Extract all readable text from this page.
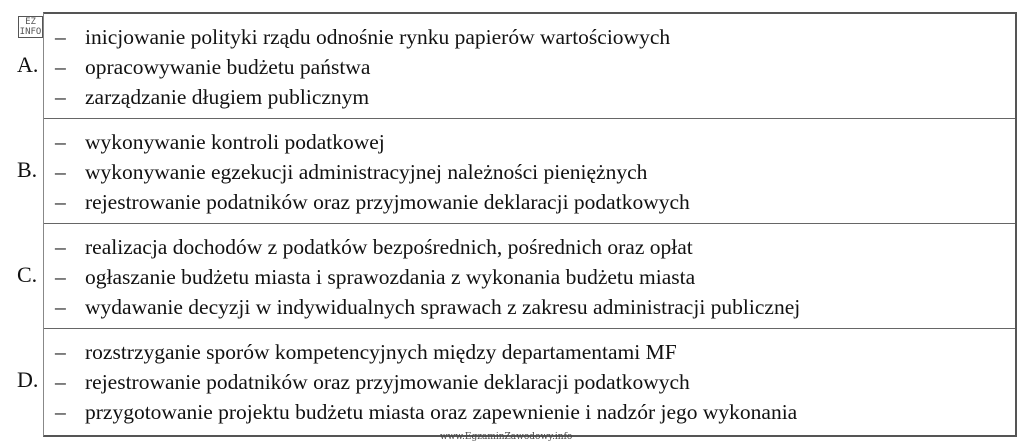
EZ
INFO
A.
– inicjowanie polityki rządu odnośnie rynku papierów wartościowych
– opracowywanie budżetu państwa
– zarządzanie długiem publicznym
B.
– wykonywanie kontroli podatkowej
– wykonywanie egzekucji administracyjnej należności pieniężnych
– rejestrowanie podatników oraz przyjmowanie deklaracji podatkowych
C.
– realizacja dochodów z podatków bezpośrednich, pośrednich oraz opłat
– ogłaszanie budżetu miasta i sprawozdania z wykonania budżetu miasta
– wydawanie decyzji w indywidualnych sprawach z zakresu administracji publicznej
D.
– rozstrzyganie sporów kompetencyjnych między departamentami MF
– rejestrowanie podatników oraz przyjmowanie deklaracji podatkowych
– przygotowanie projektu budżetu miasta oraz zapewnienie i nadzór jego wykonania
www.EgzaminZawodowy.info
